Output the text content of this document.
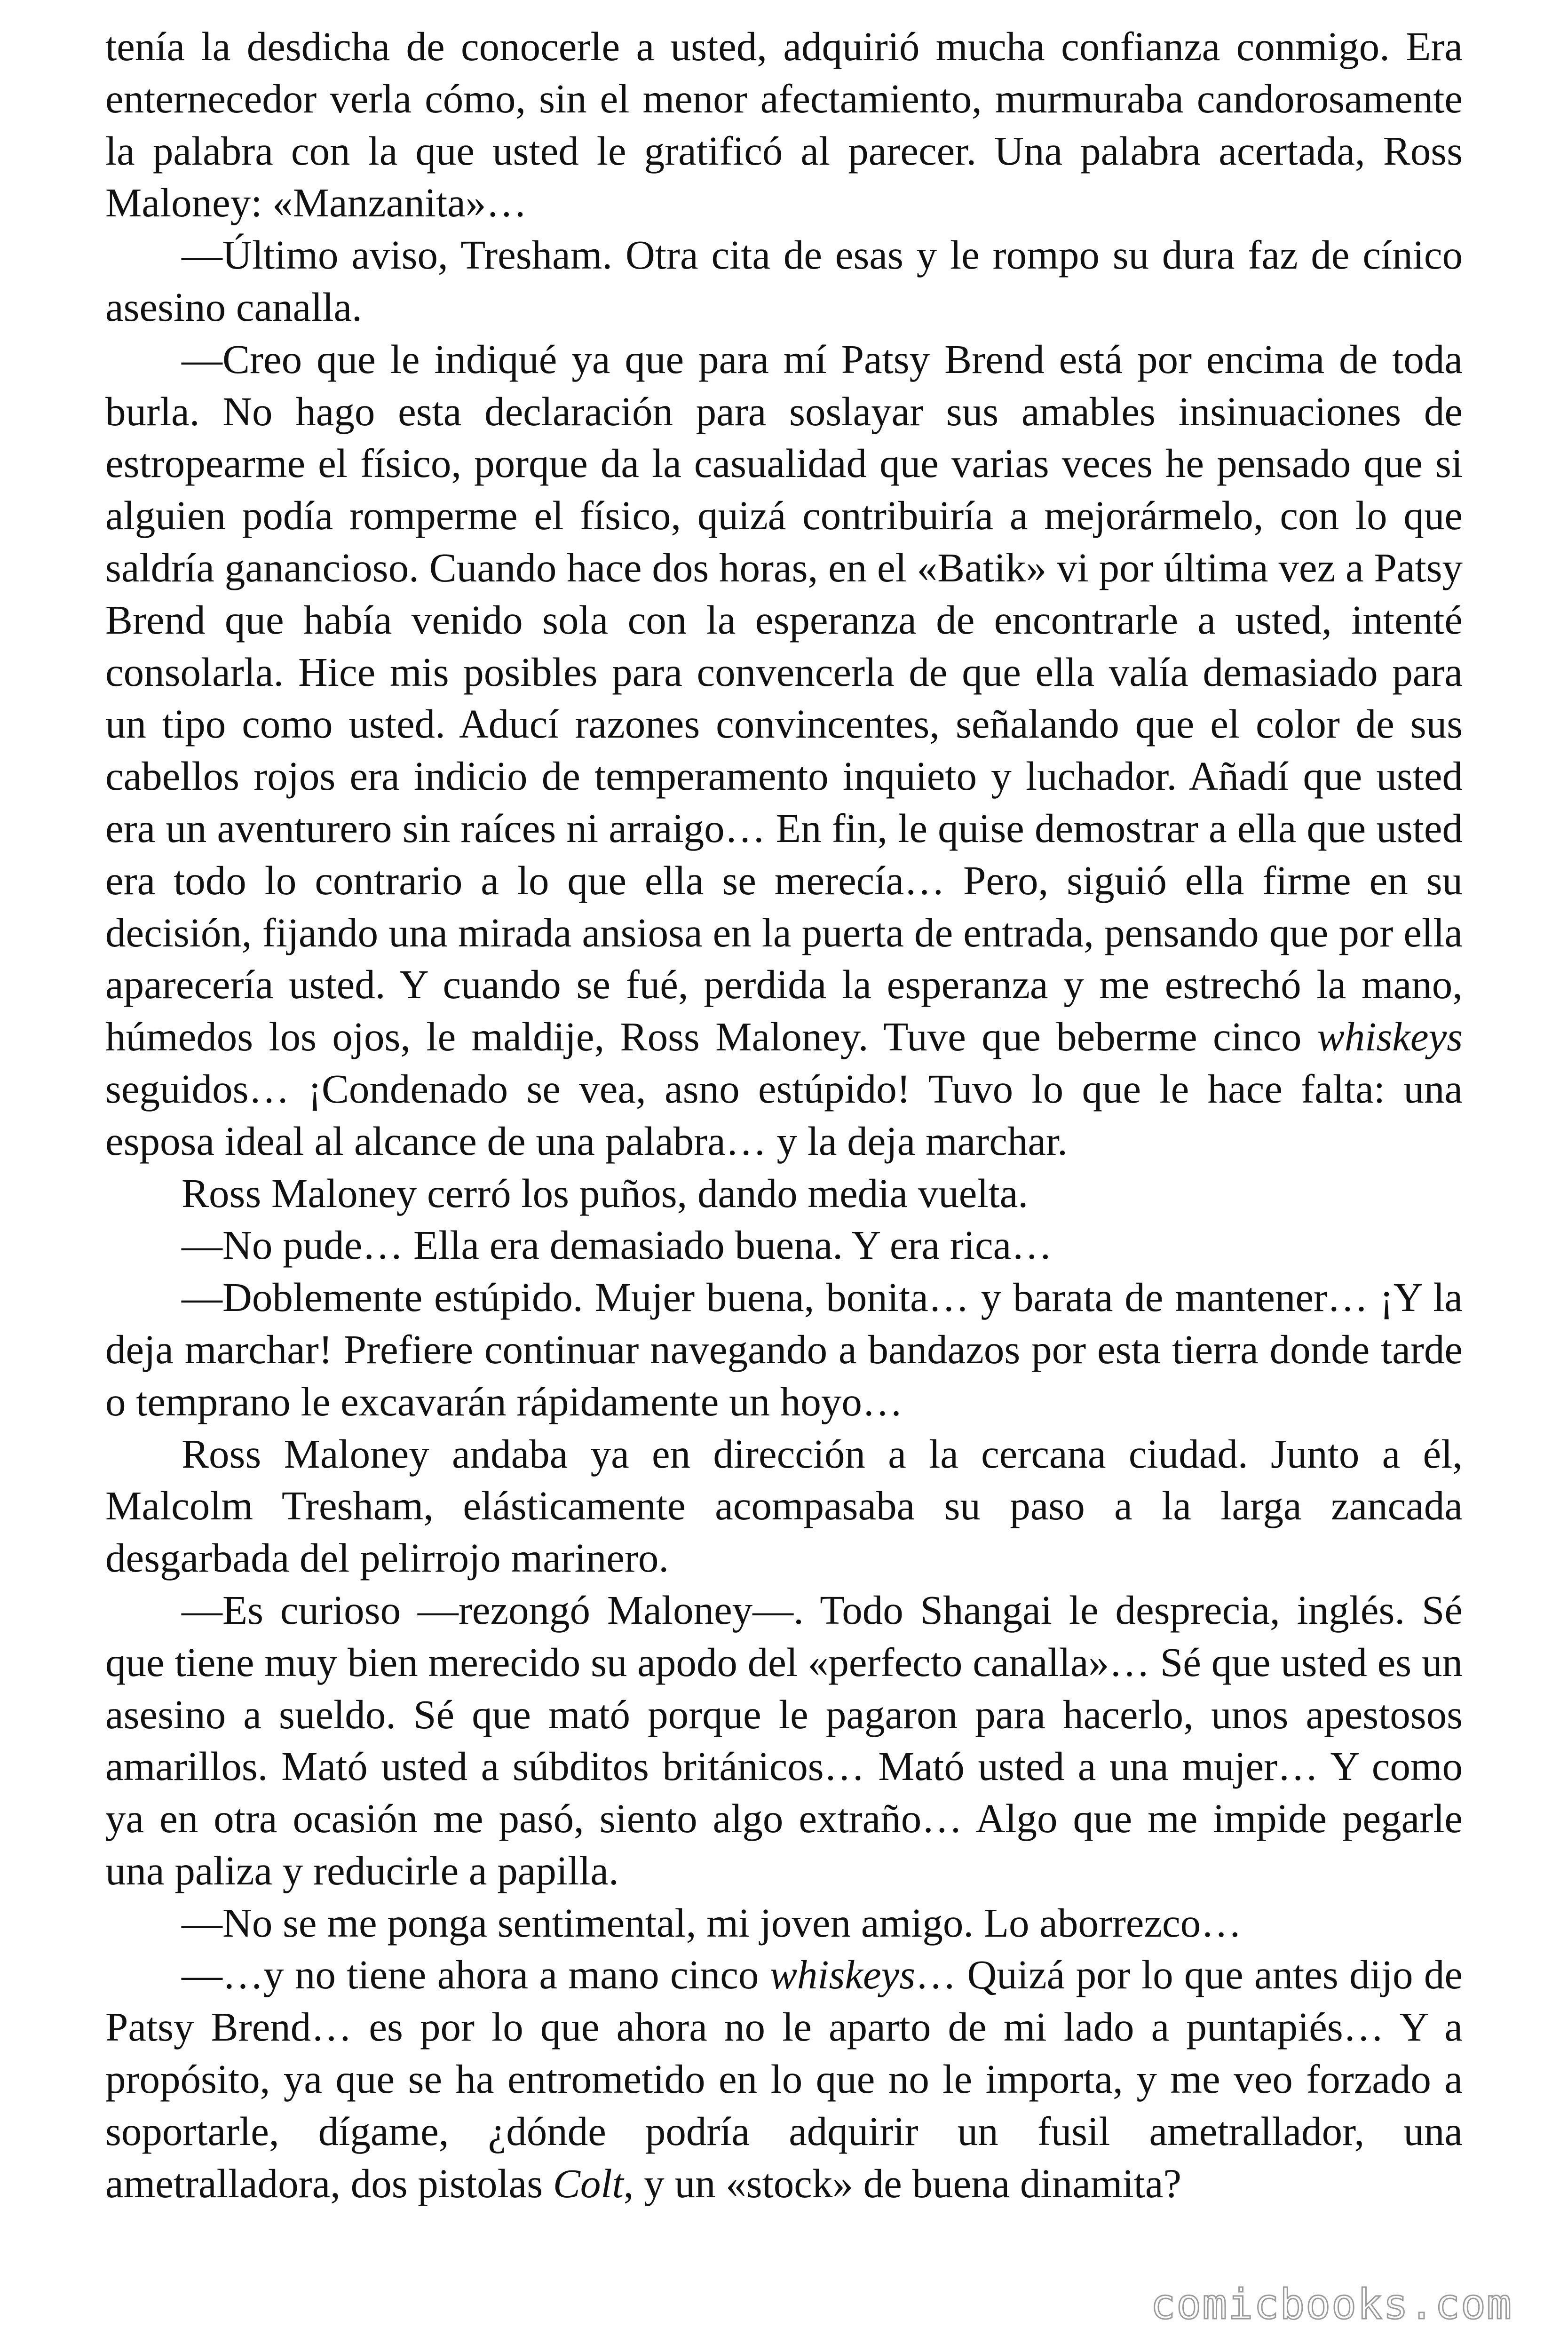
tenía la desdicha de conocerle a usted, adquirió mucha confianza conmigo. Era enternecedor verla cómo, sin el menor afectamiento, murmuraba candorosamente la palabra con la que usted le gratificó al parecer. Una palabra acertada, Ross Maloney: «Manzanita»…

—Último aviso, Tresham. Otra cita de esas y le rompo su dura faz de cínico asesino canalla.

—Creo que le indiqué ya que para mí Patsy Brend está por encima de toda burla. No hago esta declaración para soslayar sus amables insinuaciones de estropearme el físico, porque da la casualidad que varias veces he pensado que si alguien podía romperme el físico, quizá contribuiría a mejorármelo, con lo que saldría ganancioso. Cuando hace dos horas, en el «Batik» vi por última vez a Patsy Brend que había venido sola con la esperanza de encontrarle a usted, intenté consolarla. Hice mis posibles para convencerla de que ella valía demasiado para un tipo como usted. Aducí razones convincentes, señalando que el color de sus cabellos rojos era indicio de temperamento inquieto y luchador. Añadí que usted era un aventurero sin raíces ni arraigo… En fin, le quise demostrar a ella que usted era todo lo contrario a lo que ella se merecía… Pero, siguió ella firme en su decisión, fijando una mirada ansiosa en la puerta de entrada, pensando que por ella aparecería usted. Y cuando se fué, perdida la esperanza y me estrechó la mano, húmedos los ojos, le maldije, Ross Maloney. Tuve que beberme cinco whiskeys seguidos… ¡Condenado se vea, asno estúpido! Tuvo lo que le hace falta: una esposa ideal al alcance de una palabra… y la deja marchar.

Ross Maloney cerró los puños, dando media vuelta.

—No pude… Ella era demasiado buena. Y era rica…

—Doblemente estúpido. Mujer buena, bonita… y barata de mantener… ¡Y la deja marchar! Prefiere continuar navegando a bandazos por esta tierra donde tarde o temprano le excavarán rápidamente un hoyo…

Ross Maloney andaba ya en dirección a la cercana ciudad. Junto a él, Malcolm Tresham, elásticamente acompasaba su paso a la larga zancada desgarbada del pelirrojo marinero.

—Es curioso —rezongó Maloney—. Todo Shangai le desprecia, inglés. Sé que tiene muy bien merecido su apodo del «perfecto canalla»… Sé que usted es un asesino a sueldo. Sé que mató porque le pagaron para hacerlo, unos apestosos amarillos. Mató usted a súbditos británicos… Mató usted a una mujer… Y como ya en otra ocasión me pasó, siento algo extraño… Algo que me impide pegarle una paliza y reducirle a papilla.

—No se me ponga sentimental, mi joven amigo. Lo aborrezco…

—…y no tiene ahora a mano cinco whiskeys… Quizá por lo que antes dijo de Patsy Brend… es por lo que ahora no le aparto de mi lado a puntapiés… Y a propósito, ya que se ha entrometido en lo que no le importa, y me veo forzado a soportarle, dígame, ¿dónde podría adquirir un fusil ametrallador, una ametralladora, dos pistolas Colt, y un «stock» de buena dinamita?

comicbooks.com
